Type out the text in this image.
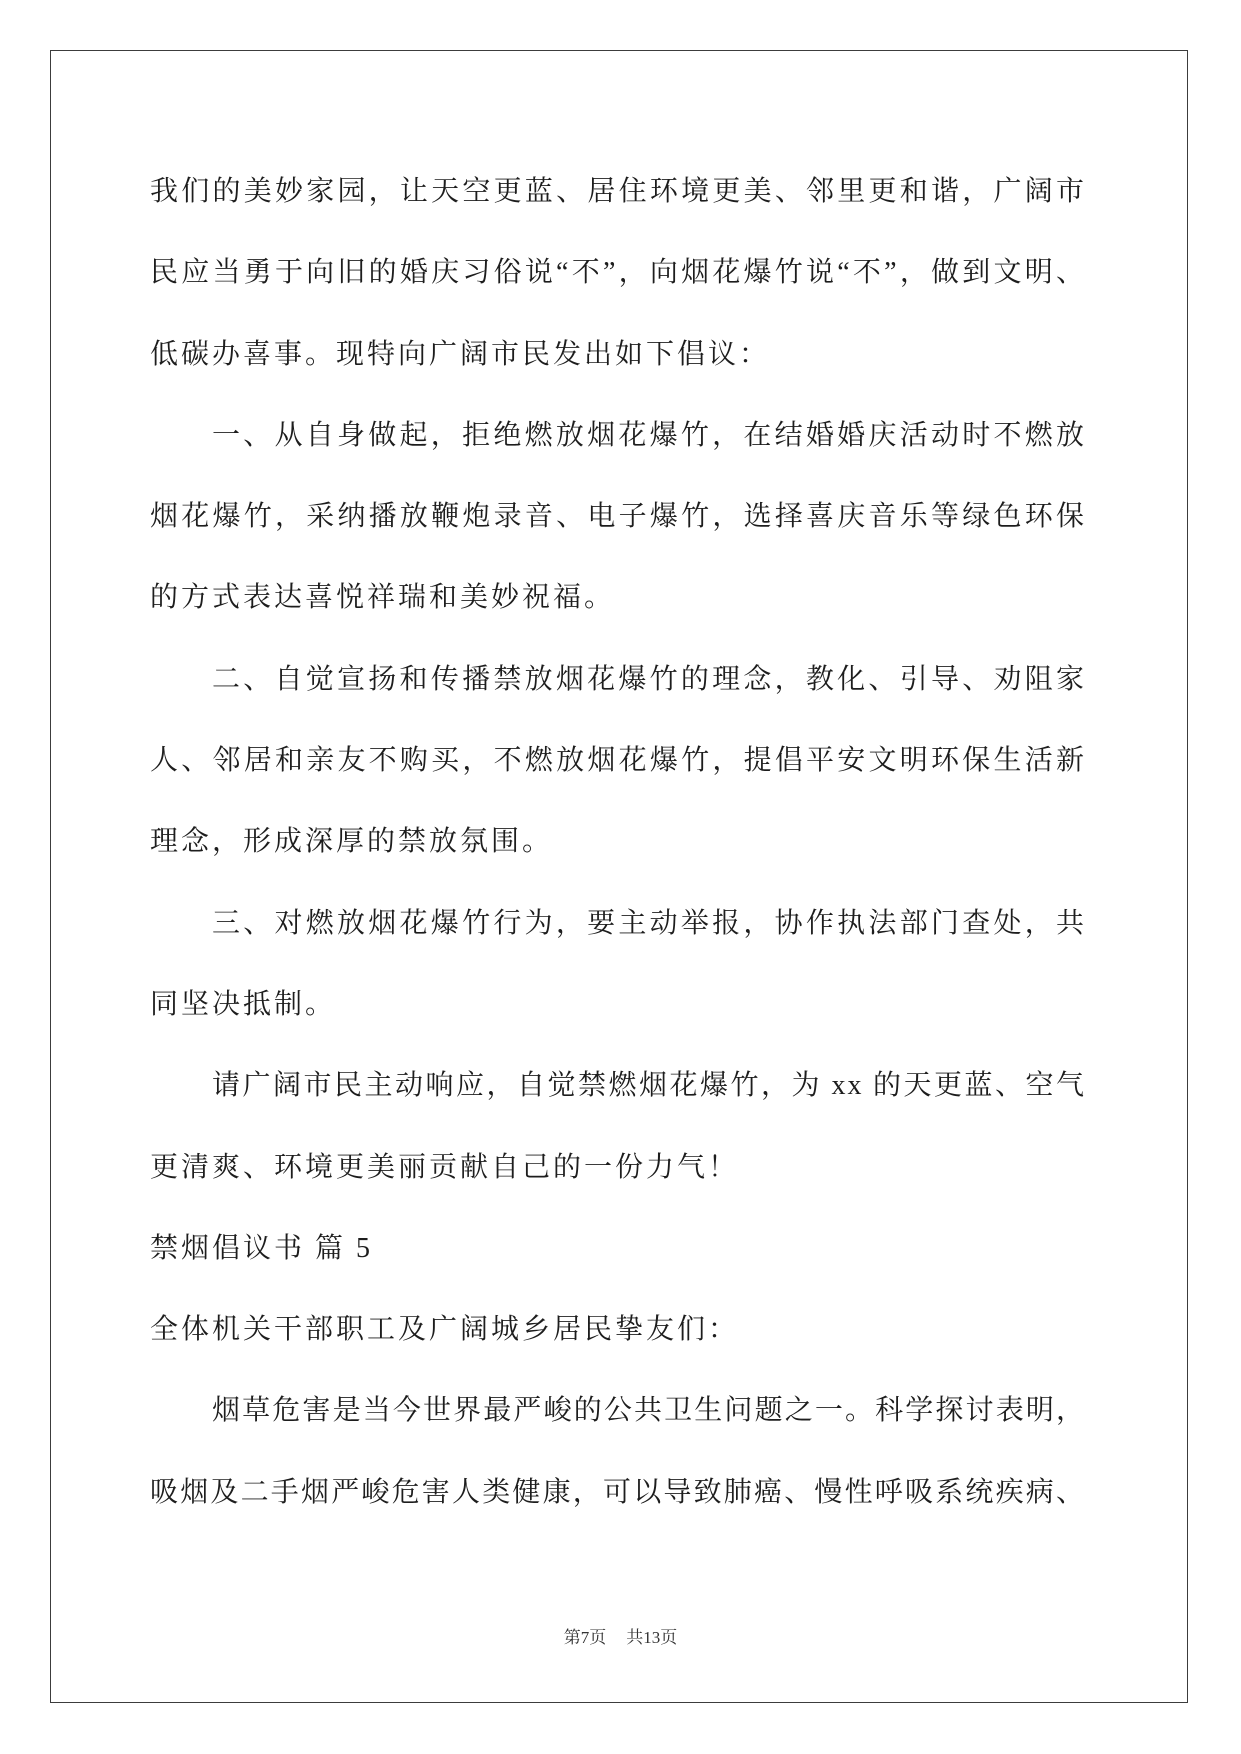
我们的美妙家园，让天空更蓝、居住环境更美、邻里更和谐，广阔市
民应当勇于向旧的婚庆习俗说“不”，向烟花爆竹说“不”，做到文明、
低碳办喜事。现特向广阔市民发出如下倡议：
一、从自身做起，拒绝燃放烟花爆竹，在结婚婚庆活动时不燃放
烟花爆竹，采纳播放鞭炮录音、电子爆竹，选择喜庆音乐等绿色环保
的方式表达喜悦祥瑞和美妙祝福。
二、自觉宣扬和传播禁放烟花爆竹的理念，教化、引导、劝阻家
人、邻居和亲友不购买，不燃放烟花爆竹，提倡平安文明环保生活新
理念，形成深厚的禁放氛围。
三、对燃放烟花爆竹行为，要主动举报，协作执法部门查处，共
同坚决抵制。
请广阔市民主动响应，自觉禁燃烟花爆竹，为 xx 的天更蓝、空气
更清爽、环境更美丽贡献自己的一份力气！
禁烟倡议书 篇 5
全体机关干部职工及广阔城乡居民挚友们：
烟草危害是当今世界最严峻的公共卫生问题之一。科学探讨表明，
吸烟及二手烟严峻危害人类健康，可以导致肺癌、慢性呼吸系统疾病、
第7页 共13页
